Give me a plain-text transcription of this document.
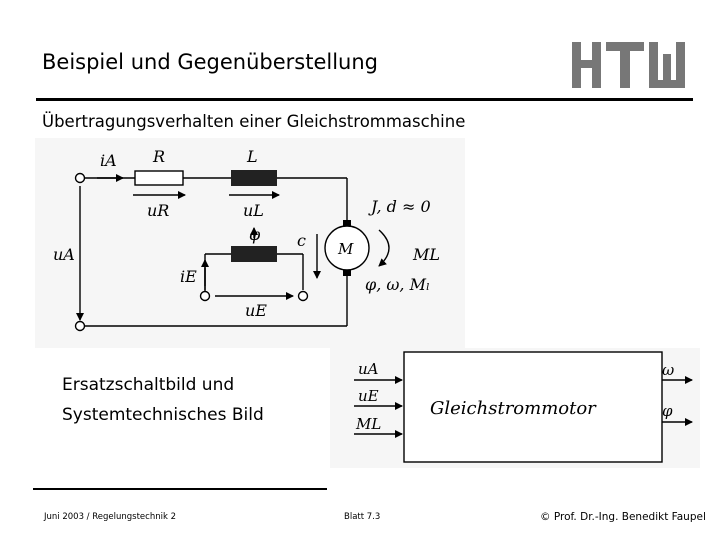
Beispiel und Gegenüberstellung
Übertragungsverhalten einer Gleichstrommaschine
iA R	L
uR	uL	J, d ≈ 0
φ c
uA	M	ML
iE
uE
φ, ω, Mₗ
Ersatzschaltbild und
Systemtechnisches Bild
uA
uE
ML
ω
φ
Gleichstrommotor
Juni 2003 / Regelungstechnik 2	Blatt 7.3	© Prof. Dr.-Ing. Benedikt Faupel
